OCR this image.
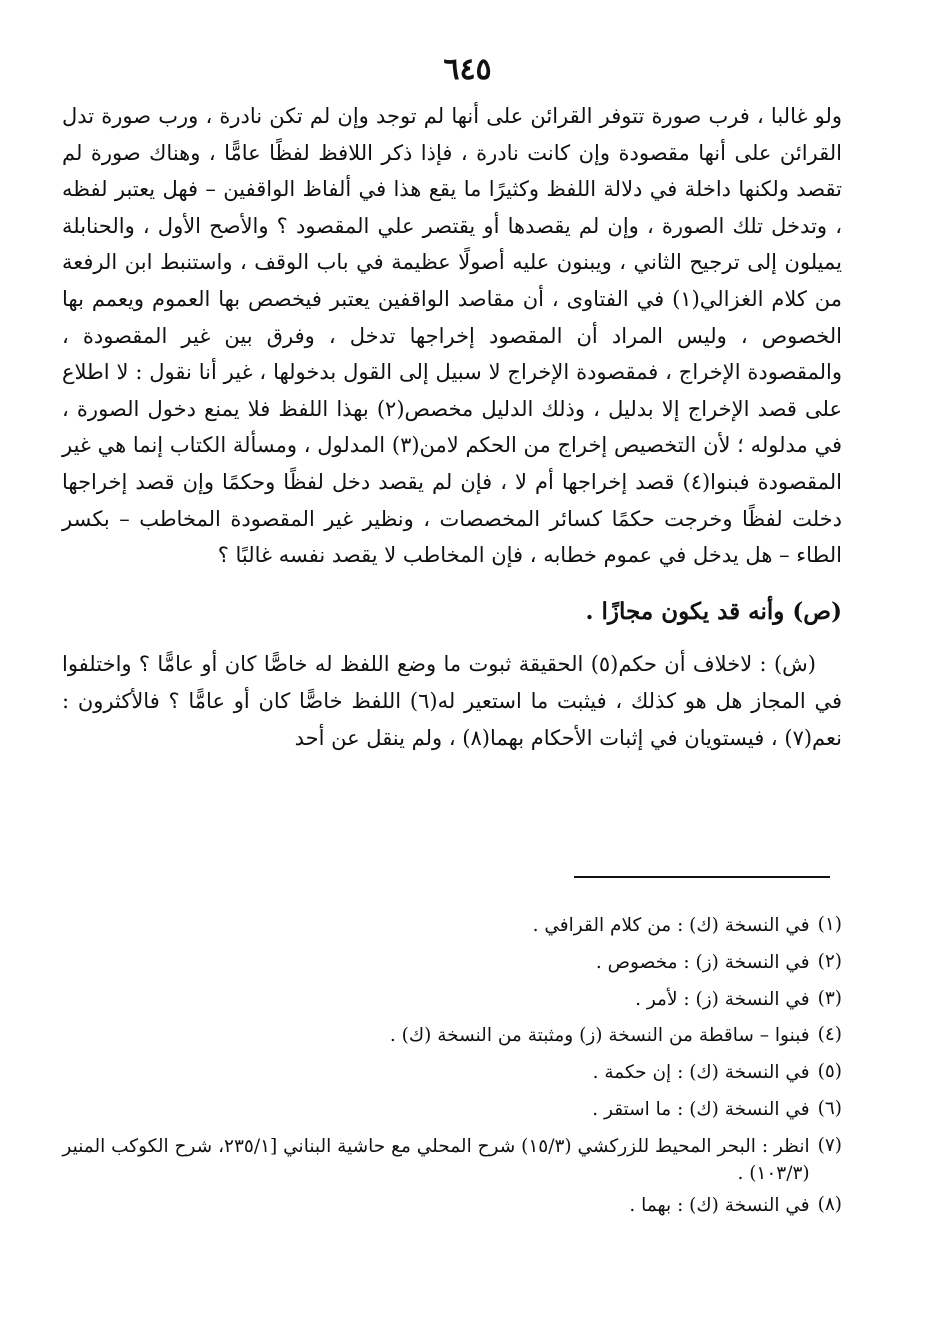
٦٤٥

ولو غالبا ، فرب صورة تتوفر القرائن على أنها لم توجد وإن لم تكن نادرة ، ورب صورة تدل القرائن على أنها مقصودة وإن كانت نادرة ، فإذا ذكر اللافظ لفظًا عامًّا ، وهناك صورة لم تقصد ولكنها داخلة في دلالة اللفظ وكثيرًا ما يقع هذا في ألفاظ الواقفين – فهل يعتبر لفظه ، وتدخل تلك الصورة ، وإن لم يقصدها أو يقتصر علي المقصود ؟ والأصح الأول ، والحنابلة يميلون إلى ترجيح الثاني ، ويبنون عليه أصولًا عظيمة في باب الوقف ، واستنبط ابن الرفعة من كلام الغزالي(١) في الفتاوى ، أن مقاصد الواقفين يعتبر فيخصص بها العموم ويعمم بها الخصوص ، وليس المراد أن المقصود إخراجها تدخل ، وفرق بين غير المقصودة ، والمقصودة الإخراج ، فمقصودة الإخراج لا سبيل إلى القول بدخولها ، غير أنا نقول : لا اطلاع على قصد الإخراج إلا بدليل ، وذلك الدليل مخصص(٢) بهذا اللفظ فلا يمنع دخول الصورة ، في مدلوله ؛ لأن التخصيص إخراج من الحكم لامن(٣) المدلول ، ومسألة الكتاب إنما هي غير المقصودة فبنوا(٤) قصد إخراجها أم لا ، فإن لم يقصد دخل لفظًا وحكمًا وإن قصد إخراجها دخلت لفظًا وخرجت حكمًا كسائر المخصصات ، ونظير غير المقصودة المخاطب – بكسر الطاء – هل يدخل في عموم خطابه ، فإن المخاطب لا يقصد نفسه غالبًا ؟

(ص) وأنه قد يكون مجازًا .

(ش) : لاخلاف أن حكم(٥) الحقيقة ثبوت ما وضع اللفظ له خاصًّا كان أو عامًّا ؟ واختلفوا في المجاز هل هو كذلك ، فيثبت ما استعير له(٦) اللفظ خاصًّا كان أو عامًّا ؟ فالأكثرون : نعم(٧) ، فيستويان في إثبات الأحكام بهما(٨) ، ولم ينقل عن أحد

(١)
في النسخة (ك) : من كلام القرافي .
(٢)
في النسخة (ز) : مخصوص .
(٣)
في النسخة (ز) : لأمر .
(٤)
فبنوا – ساقطة من النسخة (ز) ومثبتة من النسخة (ك) .
(٥)
في النسخة (ك) : إن حكمة .
(٦)
في النسخة (ك) : ما استقر .
(٧)
انظر : البحر المحيط للزركشي (١٥/٣) شرح المحلي مع حاشية البناني [٢٣٥/١، شرح الكوكب المنير (١٠٣/٣) .
(٨)
في النسخة (ك) : بهما .
